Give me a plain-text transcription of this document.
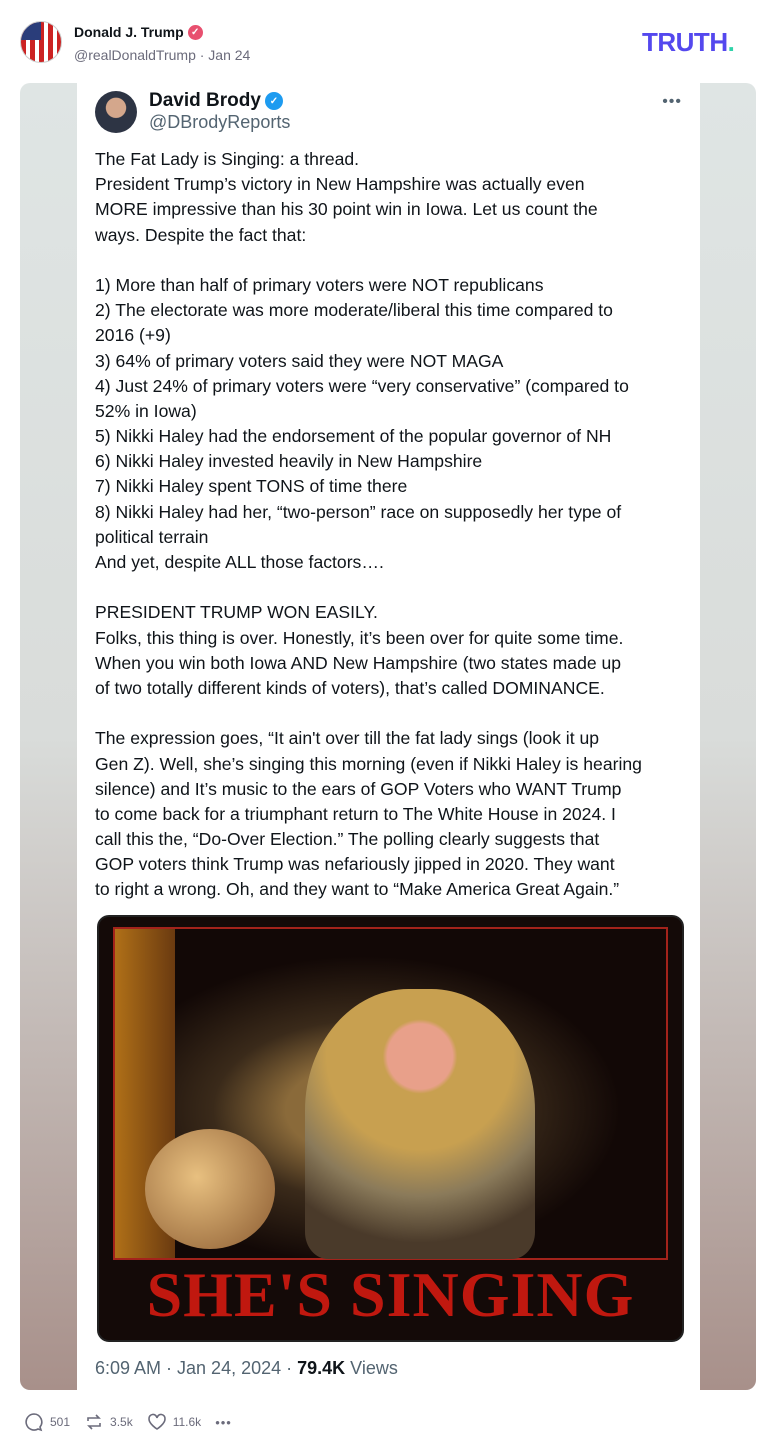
Donald J. Trump ✓
@realDonaldTrump · Jan 24	TRUTH.
David Brody ✓
@DBrodyReports
•••
The Fat Lady is Singing: a thread.
President Trump’s victory in New Hampshire was actually even
MORE impressive than his 30 point win in Iowa. Let us count the
ways. Despite the fact that:
1) More than half of primary voters were NOT republicans
2) The electorate was more moderate/liberal this time compared to
2016 (+9)
3) 64% of primary voters said they were NOT MAGA
4) Just 24% of primary voters were “very conservative” (compared to
52% in Iowa)
5) Nikki Haley had the endorsement of the popular governor of NH
6) Nikki Haley invested heavily in New Hampshire
7) Nikki Haley spent TONS of time there
8) Nikki Haley had her, “two-person” race on supposedly her type of
political terrain
And yet, despite ALL those factors….
PRESIDENT TRUMP WON EASILY.
Folks, this thing is over. Honestly, it’s been over for quite some time.
When you win both Iowa AND New Hampshire (two states made up
of two totally different kinds of voters), that’s called DOMINANCE.
The expression goes, “It ain't over till the fat lady sings (look it up
Gen Z). Well, she’s singing this morning (even if Nikki Haley is hearing
silence) and It’s music to the ears of GOP Voters who WANT Trump
to come back for a triumphant return to The White House in 2024. I
call this the, “Do-Over Election.” The polling clearly suggests that
GOP voters think Trump was nefariously jipped in 2020. They want
to right a wrong. Oh, and they want to “Make America Great Again.”
SHE'S SINGING
6:09 AM · Jan 24, 2024 · 79.4K Views
501	3.5k	11.6k •••
